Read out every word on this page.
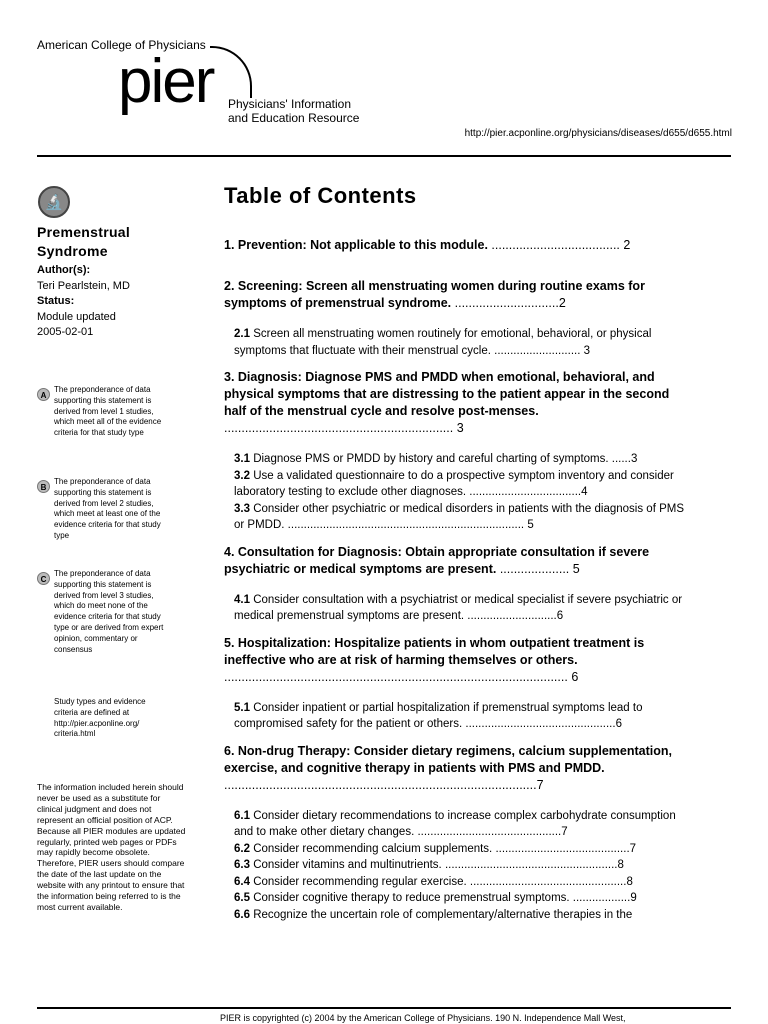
American College of Physicians
pier Physicians' Information
and Education Resource
http://pier.acponline.org/physicians/diseases/d655/d655.html
🔬
Premenstrual
Syndrome
Author(s):
Teri Pearlstein, MD
Status:
Module updated
2005-02-01
A
The preponderance of data supporting this statement is derived from level 1 studies, which meet all of the evidence criteria for that study type
B
The preponderance of data supporting this statement is derived from level 2 studies, which meet at least one of the evidence criteria for that study type
C
The preponderance of data supporting this statement is derived from level 3 studies, which do meet none of the evidence criteria for that study type or are derived from expert opinion, commentary or consensus
Study types and evidence criteria are defined at http://pier.acponline.org/ criteria.html
The information included herein should never be used as a substitute for clinical judgment and does not represent an official position of ACP. Because all PIER modules are updated regularly, printed web pages or PDFs may rapidly become obsolete. Therefore, PIER users should compare the date of the last update on the website with any printout to ensure that the information being referred to is the most current available.
Table of Contents
1. Prevention: Not applicable to this module. ..................................... 2
2. Screening: Screen all menstruating women during routine exams for symptoms of premenstrual syndrome. ..............................2
2.1 Screen all menstruating women routinely for emotional, behavioral, or physical symptoms that fluctuate with their menstrual cycle. ........................... 3
3. Diagnosis: Diagnose PMS and PMDD when emotional, behavioral, and physical symptoms that are distressing to the patient appear in the second half of the menstrual cycle and resolve post-menses. .................................................................. 3
3.1 Diagnose PMS or PMDD by history and careful charting of symptoms. ......3
3.2 Use a validated questionnaire to do a prospective symptom inventory and consider laboratory testing to exclude other diagnoses. ...................................4
3.3 Consider other psychiatric or medical disorders in patients with the diagnosis of PMS or PMDD. .......................................................................... 5
4. Consultation for Diagnosis: Obtain appropriate consultation if severe psychiatric or medical symptoms are present. .................... 5
4.1 Consider consultation with a psychiatrist or medical specialist if severe psychiatric or medical premenstrual symptoms are present. ............................6
5. Hospitalization: Hospitalize patients in whom outpatient treatment is ineffective who are at risk of harming themselves or others. ................................................................................................... 6
5.1 Consider inpatient or partial hospitalization if premenstrual symptoms lead to compromised safety for the patient or others. ...............................................6
6. Non-drug Therapy: Consider dietary regimens, calcium supplementation, exercise, and cognitive therapy in patients with PMS and PMDD. ..........................................................................................7
6.1 Consider dietary recommendations to increase complex carbohydrate consumption and to make other dietary changes. .............................................7
6.2 Consider recommending calcium supplements. ..........................................7
6.3 Consider vitamins and multinutrients. ......................................................8
6.4 Consider recommending regular exercise. .................................................8
6.5 Consider cognitive therapy to reduce premenstrual symptoms. ..................9
6.6 Recognize the uncertain role of complementary/alternative therapies in the
PIER is copyrighted (c) 2004 by the American College of Physicians. 190 N. Independence Mall West,
